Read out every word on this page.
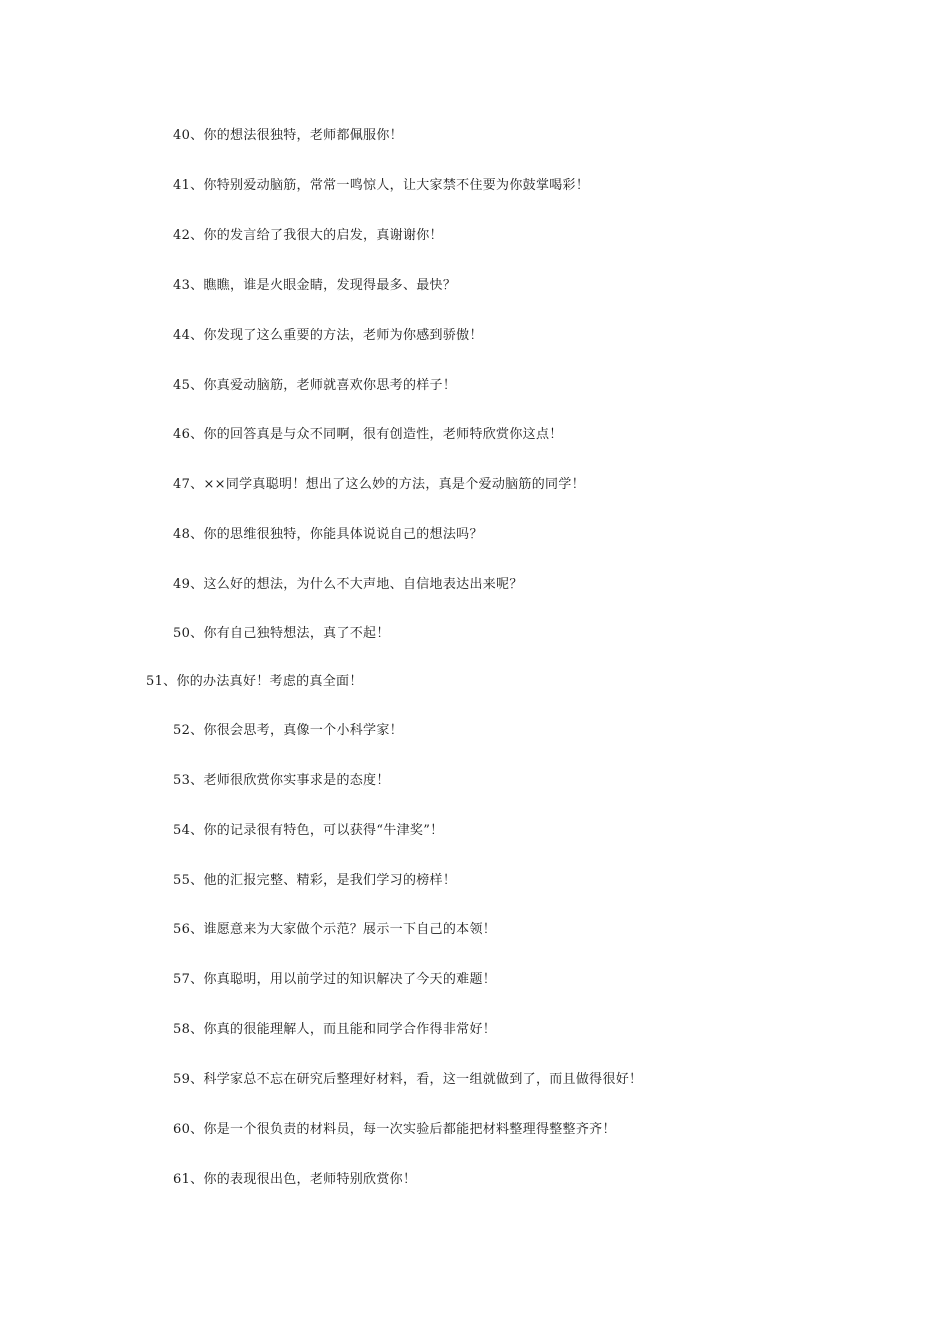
40、你的想法很独特，老师都佩服你！
41、你特别爱动脑筋，常常一鸣惊人，让大家禁不住要为你鼓掌喝彩！
42、你的发言给了我很大的启发，真谢谢你！
43、瞧瞧，谁是火眼金睛，发现得最多、最快？
44、你发现了这么重要的方法，老师为你感到骄傲！
45、你真爱动脑筋，老师就喜欢你思考的样子！
46、你的回答真是与众不同啊，很有创造性，老师特欣赏你这点！
47、××同学真聪明！想出了这么妙的方法，真是个爱动脑筋的同学！
48、你的思维很独特，你能具体说说自己的想法吗？
49、这么好的想法，为什么不大声地、自信地表达出来呢？
50、你有自己独特想法，真了不起！
51、你的办法真好！考虑的真全面！
52、你很会思考，真像一个小科学家！
53、老师很欣赏你实事求是的态度！
54、你的记录很有特色，可以获得“牛津奖”！
55、他的汇报完整、精彩，是我们学习的榜样！
56、谁愿意来为大家做个示范？展示一下自己的本领！
57、你真聪明，用以前学过的知识解决了今天的难题！
58、你真的很能理解人，而且能和同学合作得非常好！
59、科学家总不忘在研究后整理好材料，看，这一组就做到了，而且做得很好！
60、你是一个很负责的材料员，每一次实验后都能把材料整理得整整齐齐！
61、你的表现很出色，老师特别欣赏你！
